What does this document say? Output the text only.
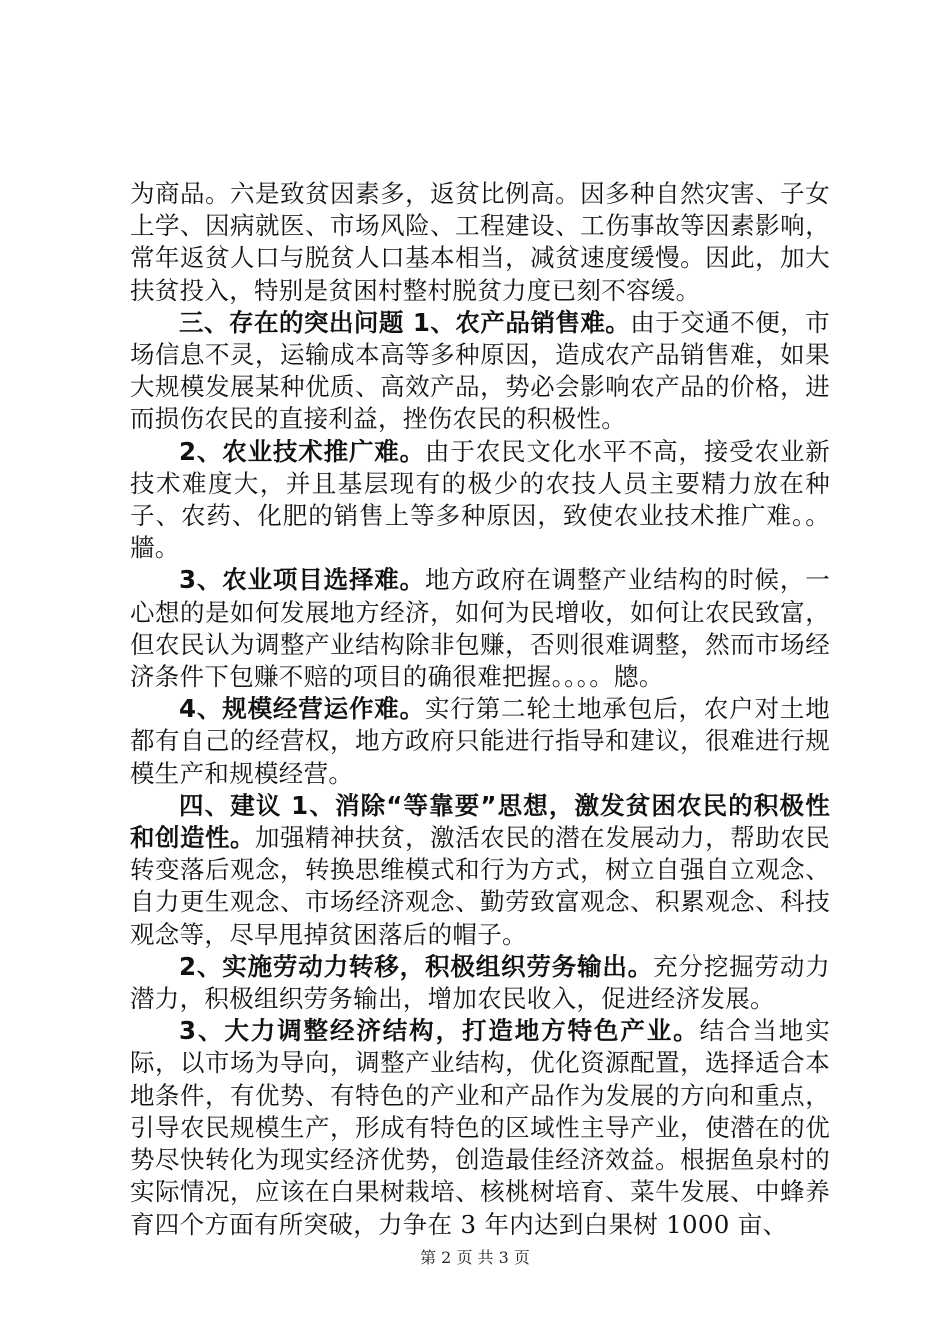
为商品。六是致贫因素多，返贫比例高。因多种自然灾害、子女上学、因病就医、市场风险、工程建设、工伤事故等因素影响，常年返贫人口与脱贫人口基本相当，减贫速度缓慢。因此，加大扶贫投入，特别是贫困村整村脱贫力度已刻不容缓。

三、存在的突出问题 1、农产品销售难。由于交通不便，市场信息不灵，运输成本高等多种原因，造成农产品销售难，如果大规模发展某种优质、高效产品，势必会影响农产品的价格，进而损伤农民的直接利益，挫伤农民的积极性。

2、农业技术推广难。由于农民文化水平不高，接受农业新技术难度大，并且基层现有的极少的农技人员主要精力放在种子、农药、化肥的销售上等多种原因，致使农业技术推广难。。牆。

3、农业项目选择难。地方政府在调整产业结构的时候，一心想的是如何发展地方经济，如何为民增收，如何让农民致富，但农民认为调整产业结构除非包赚，否则很难调整，然而市场经济条件下包赚不赔的项目的确很难把握。。。。牕。

4、规模经营运作难。实行第二轮土地承包后，农户对土地都有自己的经营权，地方政府只能进行指导和建议，很难进行规模生产和规模经营。

四、建议 1、消除“等靠要”思想，激发贫困农民的积极性和创造性。加强精神扶贫，激活农民的潜在发展动力，帮助农民转变落后观念，转换思维模式和行为方式，树立自强自立观念、自力更生观念、市场经济观念、勤劳致富观念、积累观念、科技观念等，尽早甩掉贫困落后的帽子。

2、实施劳动力转移，积极组织劳务输出。充分挖掘劳动力潜力，积极组织劳务输出，增加农民收入，促进经济发展。

3、大力调整经济结构，打造地方特色产业。结合当地实际，以市场为导向，调整产业结构，优化资源配置，选择适合本地条件，有优势、有特色的产业和产品作为发展的方向和重点，引导农民规模生产，形成有特色的区域性主导产业，使潜在的优势尽快转化为现实经济优势，创造最佳经济效益。根据鱼泉村的实际情况，应该在白果树栽培、核桃树培育、菜牛发展、中蜂养育四个方面有所突破，力争在 3 年内达到白果树 1000 亩、

第 2 页 共 3 页
